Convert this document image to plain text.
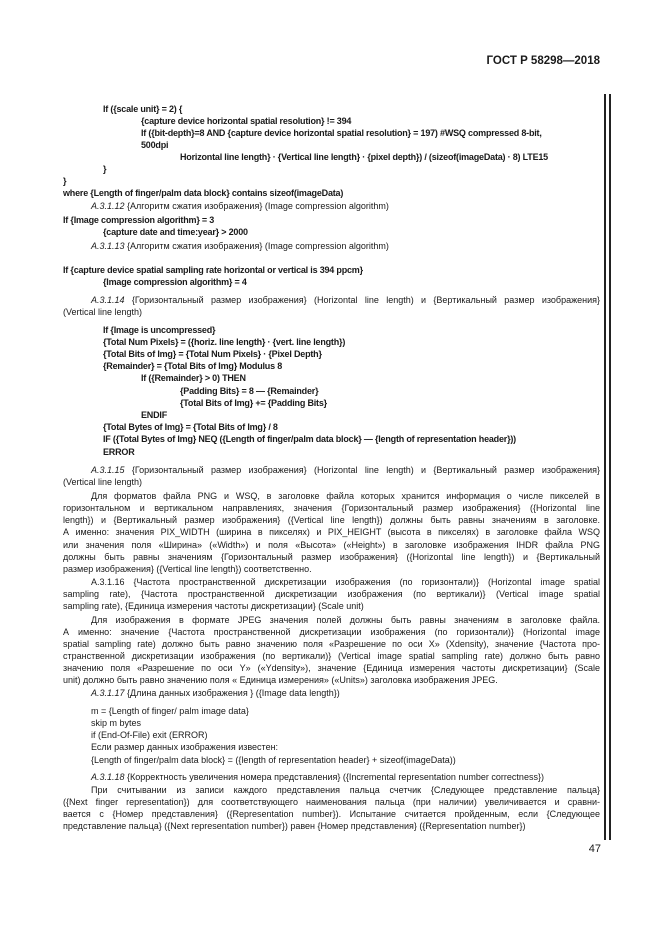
ГОСТ Р 58298—2018
If ({scale unit} = 2) {
{capture device horizontal spatial resolution} != 394
If ({bit-depth}=8 AND {capture device horizontal spatial resolution} = 197) #WSQ compressed 8-bit,
500dpi
Horizontal line length} · {Vertical line length} · {pixel depth}) / (sizeof(imageData) · 8) LTE15
}
}
where {Length of finger/palm data block} contains sizeof(imageData)
А.3.1.12 {Алгоритм сжатия изображения} (Image compression algorithm)
If {Image compression algorithm} = 3
{capture date and time:year} > 2000
А.3.1.13 {Алгоритм сжатия изображения} (Image compression algorithm)
If {capture device spatial sampling rate horizontal or vertical is 394 ppcm}
{Image compression algorithm} = 4
А.3.1.14 {Горизонтальный размер изображения} (Horizontal line length) и {Вертикальный размер изображения}
(Vertical line length)
If {Image is uncompressed}
{Total Num Pixels} = ({horiz. line length} · {vert. line length})
{Total Bits of Img} = {Total Num Pixels} · {Pixel Depth}
{Remainder} = {Total Bits of Img} Modulus 8
If ({Remainder} > 0) THEN
{Padding Bits} = 8 — {Remainder}
{Total Bits of Img} += {Padding Bits}
ENDIF
{Total Bytes of Img} = {Total Bits of Img} / 8
IF ({Total Bytes of Img} NEQ ({Length of finger/palm data block} — {length of representation header}))
ERROR
А.3.1.15 {Горизонтальный размер изображения} (Horizontal line length) и {Вертикальный размер изображения}
(Vertical line length)
Для форматов файла PNG и WSQ, в заголовке файла которых хранится информация о числе пикселей в
горизонтальном и вертикальном направлениях, значения {Горизонтальный размер изображения} ({Horizontal line
length}) и {Вертикальный размер изображения} ({Vertical line length}) должны быть равны значениям в заголовке.
А именно: значения PIX_WIDTH (ширина в пикселях) и PIX_HEIGHT (высота в пикселях) в заголовке файла WSQ
или значения поля «Ширина» («Width») и поля «Высота» («Height») в заголовке изображения IHDR файла PNG
должны быть равны значениям {Горизонтальный размер изображения} ({Horizontal line length}) и {Вертикальный
размер изображения} ({Vertical line length}) соответственно.
А.3.1.16 {Частота пространственной дискретизации изображения (по горизонтали)} (Horizontal image spatial
sampling rate), {Частота пространственной дискретизации изображения (по вертикали)} (Vertical image spatial
sampling rate), {Единица измерения частоты дискретизации} (Scale unit)
Для изображения в формате JPEG значения полей должны быть равны значениям в заголовке файла.
А именно: значение {Частота пространственной дискретизации изображения (по горизонтали)} (Horizontal image
spatial sampling rate) должно быть равно значению поля «Разрешение по оси X» (Xdensity), значение {Частота про-
странственной дискретизации изображения (по вертикали)} (Vertical image spatial sampling rate) должно быть равно
значению поля «Разрешение по оси Y» («Ydensity»), значение {Единица измерения частоты дискретизации} (Scale
unit) должно быть равно значению поля « Единица измерения» («Units») заголовка изображения JPEG.
А.3.1.17 {Длина данных изображения } ({Image data length})
m = {Length of finger/ palm image data}
skip m bytes
if (End-Of-File) exit (ERROR)
Если размер данных изображения известен:
{Length of finger/palm data block} = ({length of representation header} + sizeof(imageData))
А.3.1.18 {Корректность увеличения номера представления} ({Incremental representation number correctness})
При считывании из записи каждого представления пальца счетчик {Следующее представление пальца}
({Next finger representation}) для соответствующего наименования пальца (при наличии) увеличивается и сравни-
вается с {Номер представления} ({Representation number}). Испытание считается пройденным, если {Следующее
представление пальца} ({Next representation number}) равен {Номер представления} ({Representation number})
47
